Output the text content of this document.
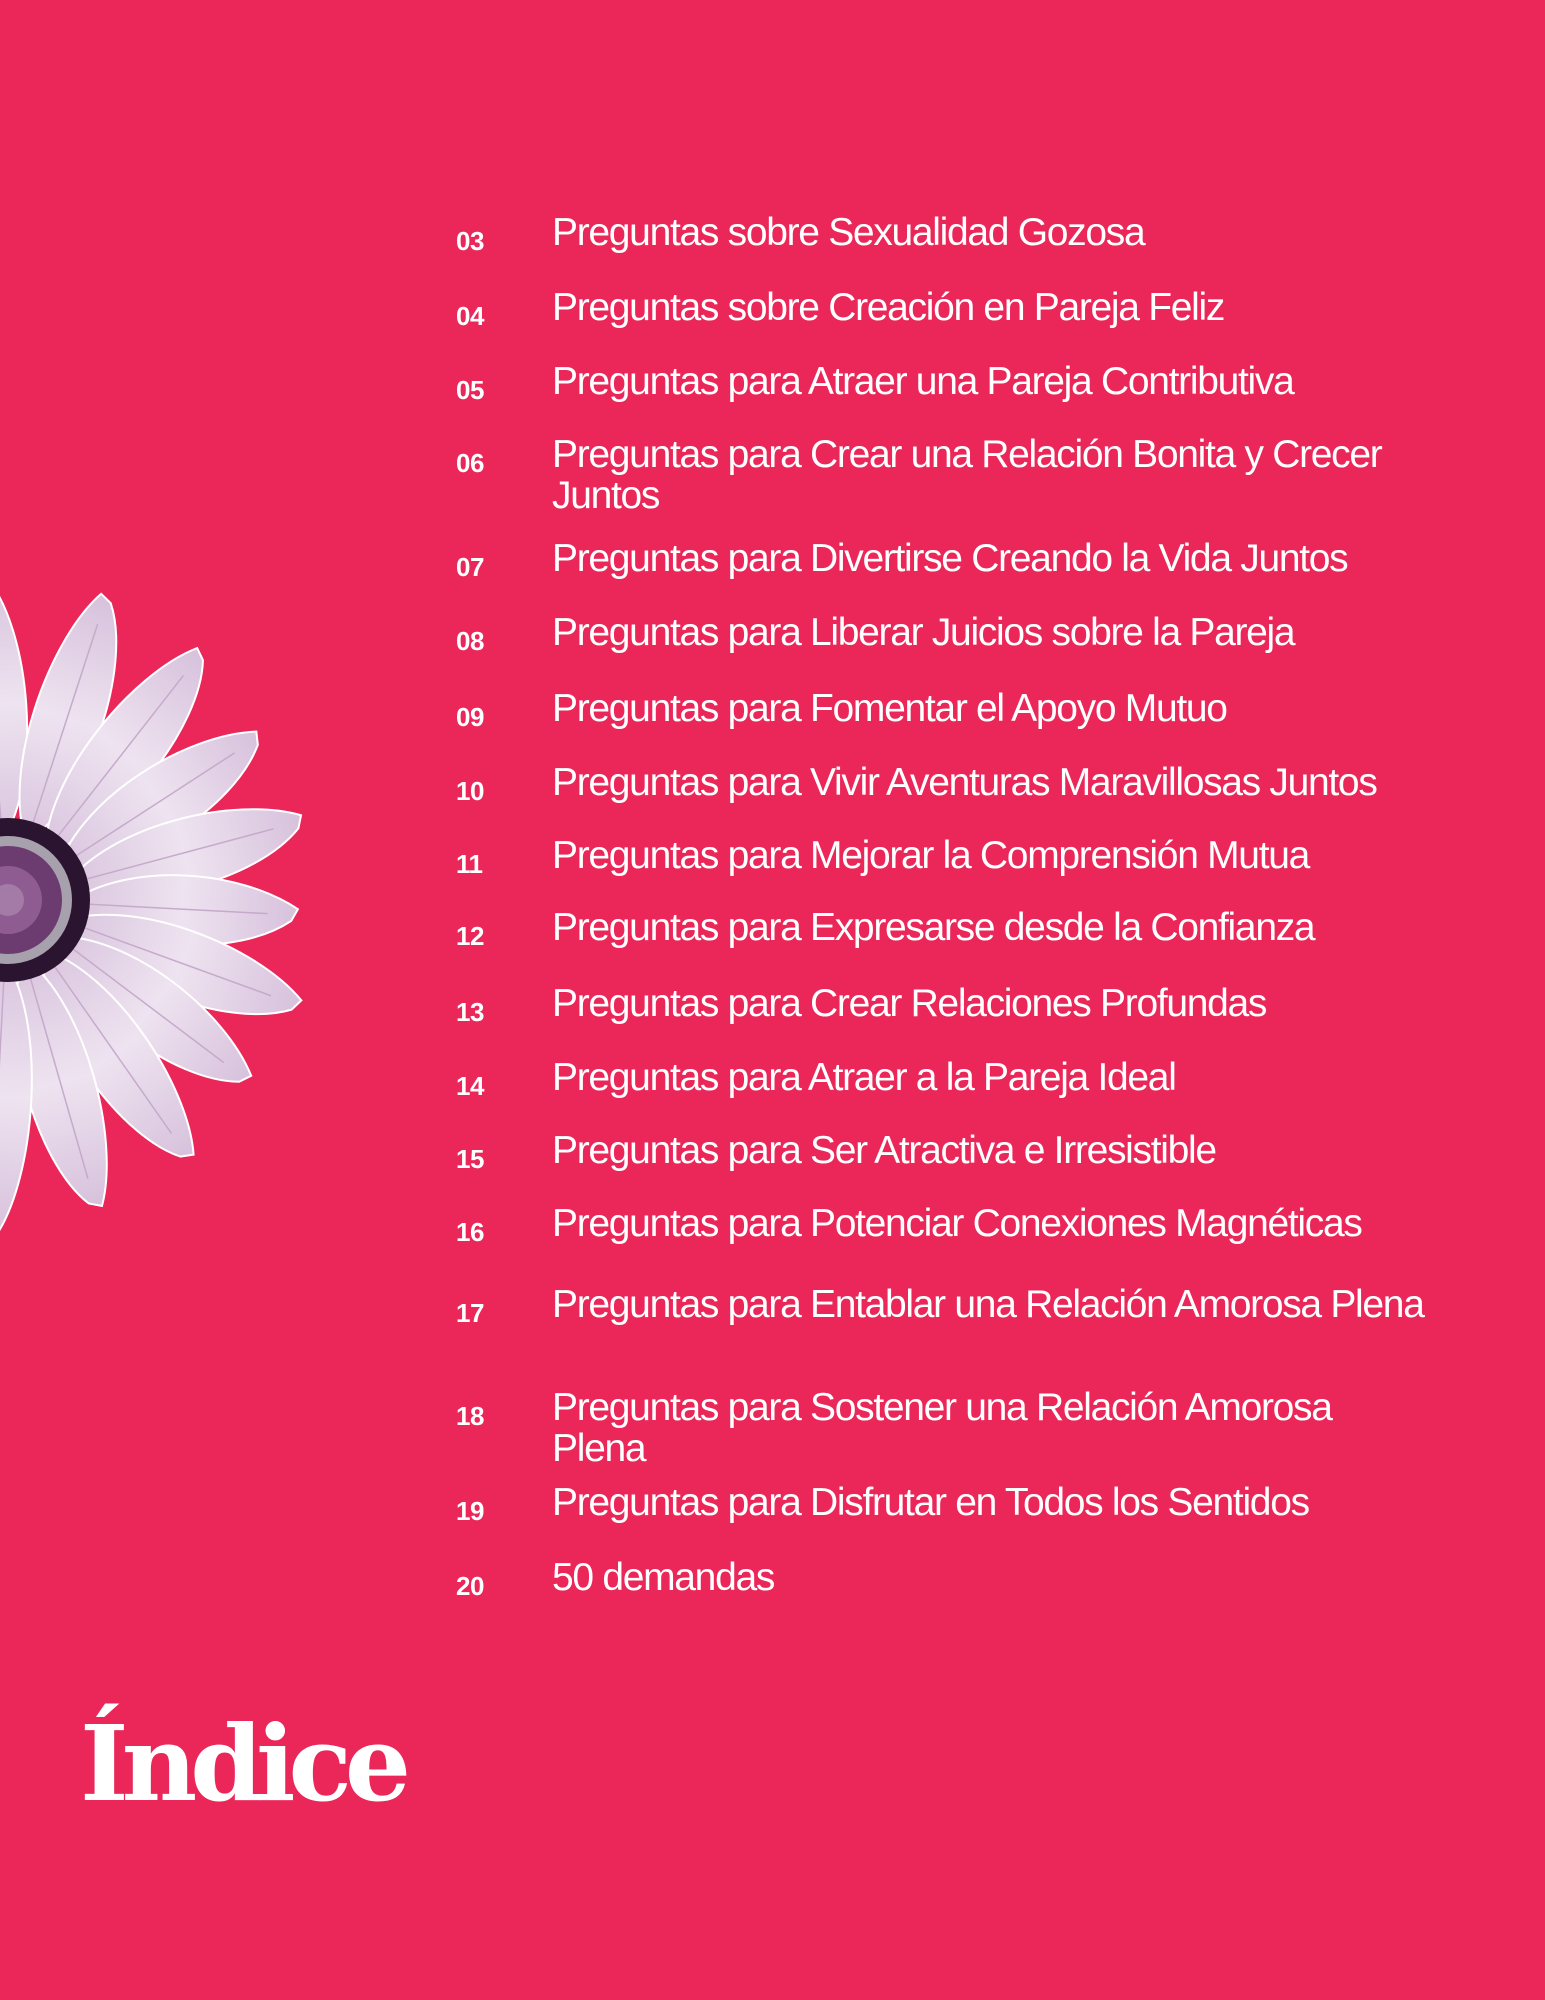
03 Preguntas sobre Sexualidad Gozosa
04 Preguntas sobre Creación en Pareja Feliz
05 Preguntas para Atraer una Pareja Contributiva
06 Preguntas para Crear una Relación Bonita y Crecer Juntos
07 Preguntas para Divertirse Creando la Vida Juntos
08 Preguntas para Liberar Juicios sobre la Pareja
09 Preguntas para Fomentar el Apoyo Mutuo
10 Preguntas para Vivir Aventuras Maravillosas Juntos
11 Preguntas para Mejorar la Comprensión Mutua
12 Preguntas para Expresarse desde la Confianza
13 Preguntas para Crear Relaciones Profundas
14 Preguntas para Atraer a la Pareja Ideal
15 Preguntas para Ser Atractiva e Irresistible
16 Preguntas para Potenciar Conexiones Magnéticas
17 Preguntas para Entablar una Relación Amorosa Plena
18 Preguntas para Sostener una Relación Amorosa Plena
19 Preguntas para Disfrutar en Todos los Sentidos
20 50 demandas
Índice
